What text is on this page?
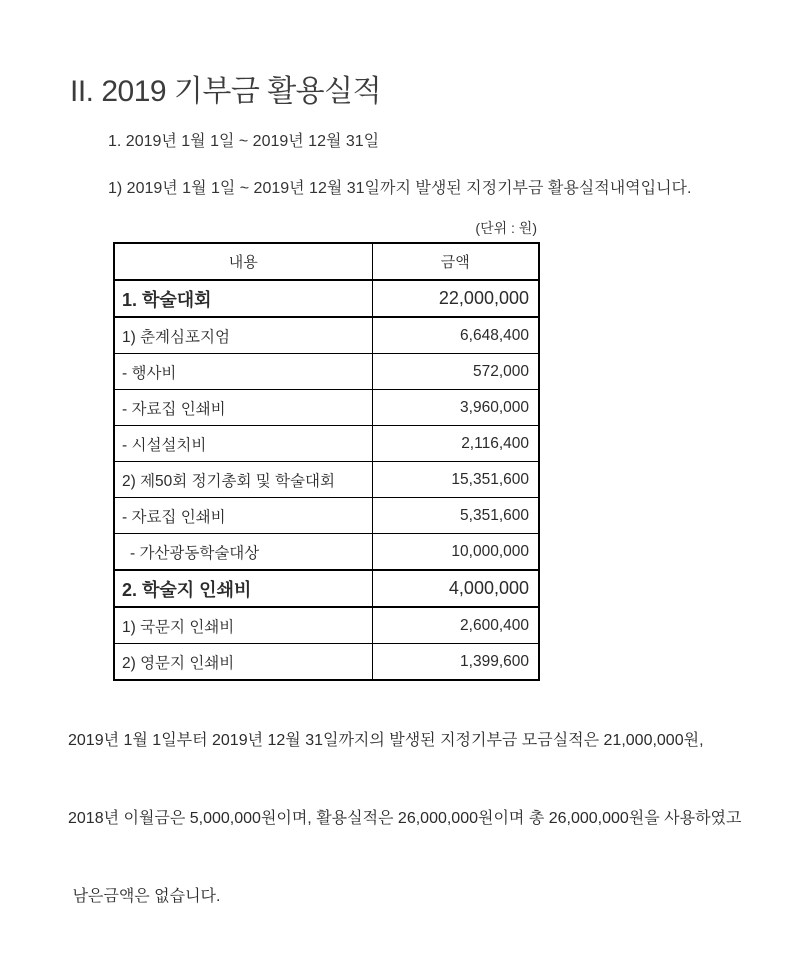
II. 2019 기부금 활용실적
1. 2019년 1월 1일 ~ 2019년 12월 31일
1) 2019년 1월 1일 ~ 2019년 12월 31일까지 발생된 지정기부금 활용실적내역입니다.
(단위 : 원)
내용	금액
1. 학술대회	22,000,000
1) 춘계심포지엄	6,648,400
- 행사비	572,000
- 자료집 인쇄비	3,960,000
- 시설설치비	2,116,400
2) 제50회 정기총회 및 학술대회	15,351,600
- 자료집 인쇄비	5,351,600
- 가산광동학술대상	10,000,000
2. 학술지 인쇄비	4,000,000
1) 국문지 인쇄비	2,600,400
2) 영문지 인쇄비	1,399,600

2019년 1월 1일부터 2019년 12월 31일까지의 발생된 지정기부금 모금실적은 21,000,000원,

2018년 이월금은 5,000,000원이며, 활용실적은 26,000,000원이며 총 26,000,000원을 사용하였고

남은금액은 없습니다.
